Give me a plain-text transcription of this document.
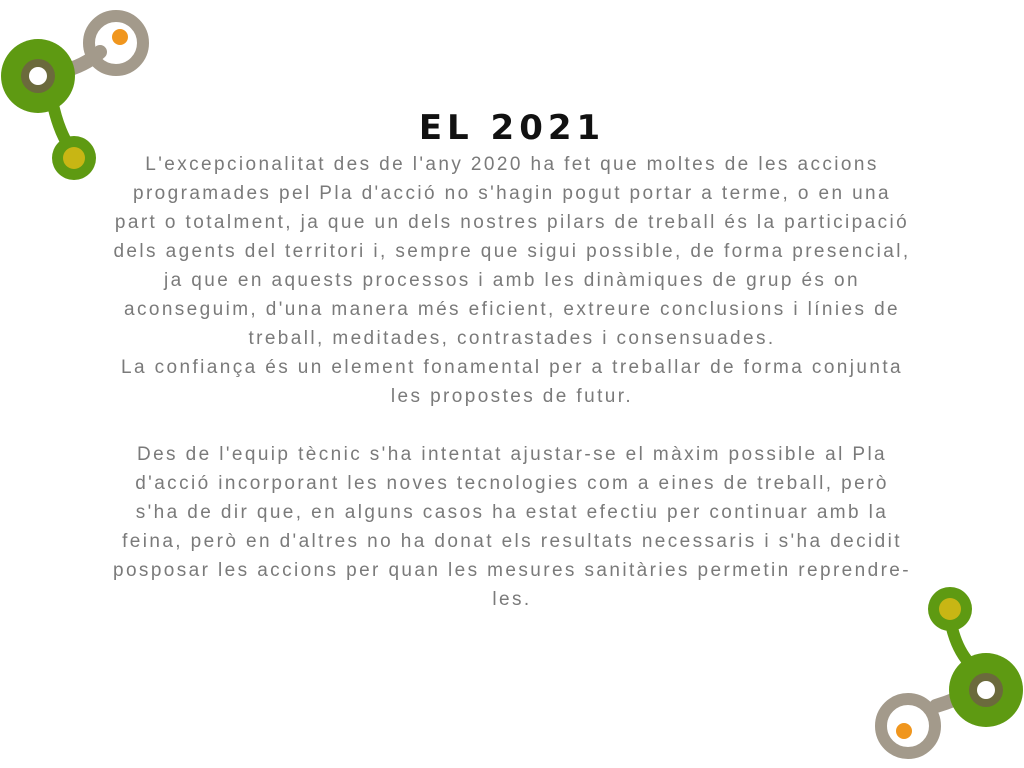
EL 2021

L'excepcionalitat des de l'any 2020 ha fet que moltes de les accions programades pel Pla d'acció no s'hagin pogut portar a terme, o en una part o totalment, ja que un dels nostres pilars de treball és la participació dels agents del territori i, sempre que sigui possible, de forma presencial, ja que en aquests processos i amb les dinàmiques de grup és on aconseguim, d'una manera més eficient, extreure conclusions i línies de treball, meditades, contrastades i consensuades.

La confiança és un element fonamental per a treballar de forma conjunta les propostes de futur.

Des de l'equip tècnic s'ha intentat ajustar-se el màxim possible al Pla d'acció incorporant les noves tecnologies com a eines de treball, però s'ha de dir que, en alguns casos ha estat efectiu per continuar amb la feina, però en d'altres no ha donat els resultats necessaris i s'ha decidit posposar les accions per quan les mesures sanitàries permetin reprendre-les.
